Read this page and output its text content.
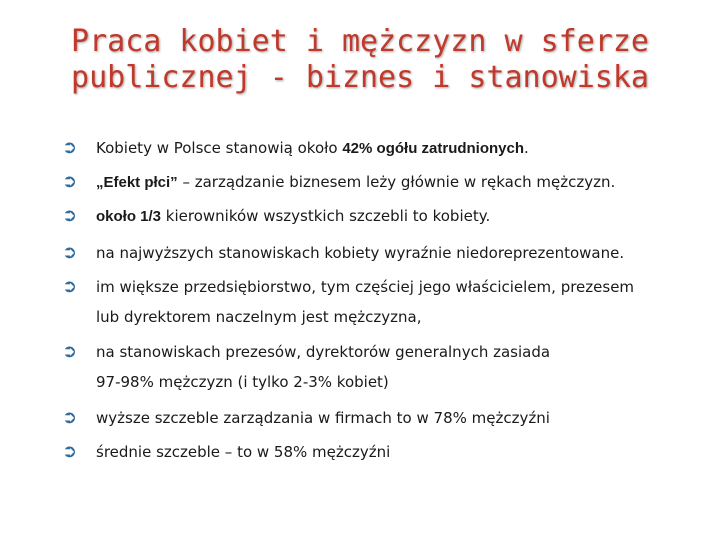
Praca kobiet i mężczyzn w sferze
publicznej - biznes i stanowiska
➲	Kobiety w Polsce stanowią około 42% ogółu zatrudnionych.
➲	„Efekt płci” – zarządzanie biznesem leży głównie w rękach mężczyzn.
➲	około 1/3 kierowników wszystkich szczebli to kobiety.
➲	na najwyższych stanowiskach kobiety wyraźnie niedoreprezentowane.
➲	im większe przedsiębiorstwo, tym częściej jego właścicielem, prezesem
lub dyrektorem naczelnym jest mężczyzna,
➲	na stanowiskach prezesów, dyrektorów generalnych zasiada
97-98% mężczyzn (i tylko 2-3% kobiet)
➲	wyższe szczeble zarządzania w firmach to w 78% mężczyźni
➲	średnie szczeble – to w 58% mężczyźni
